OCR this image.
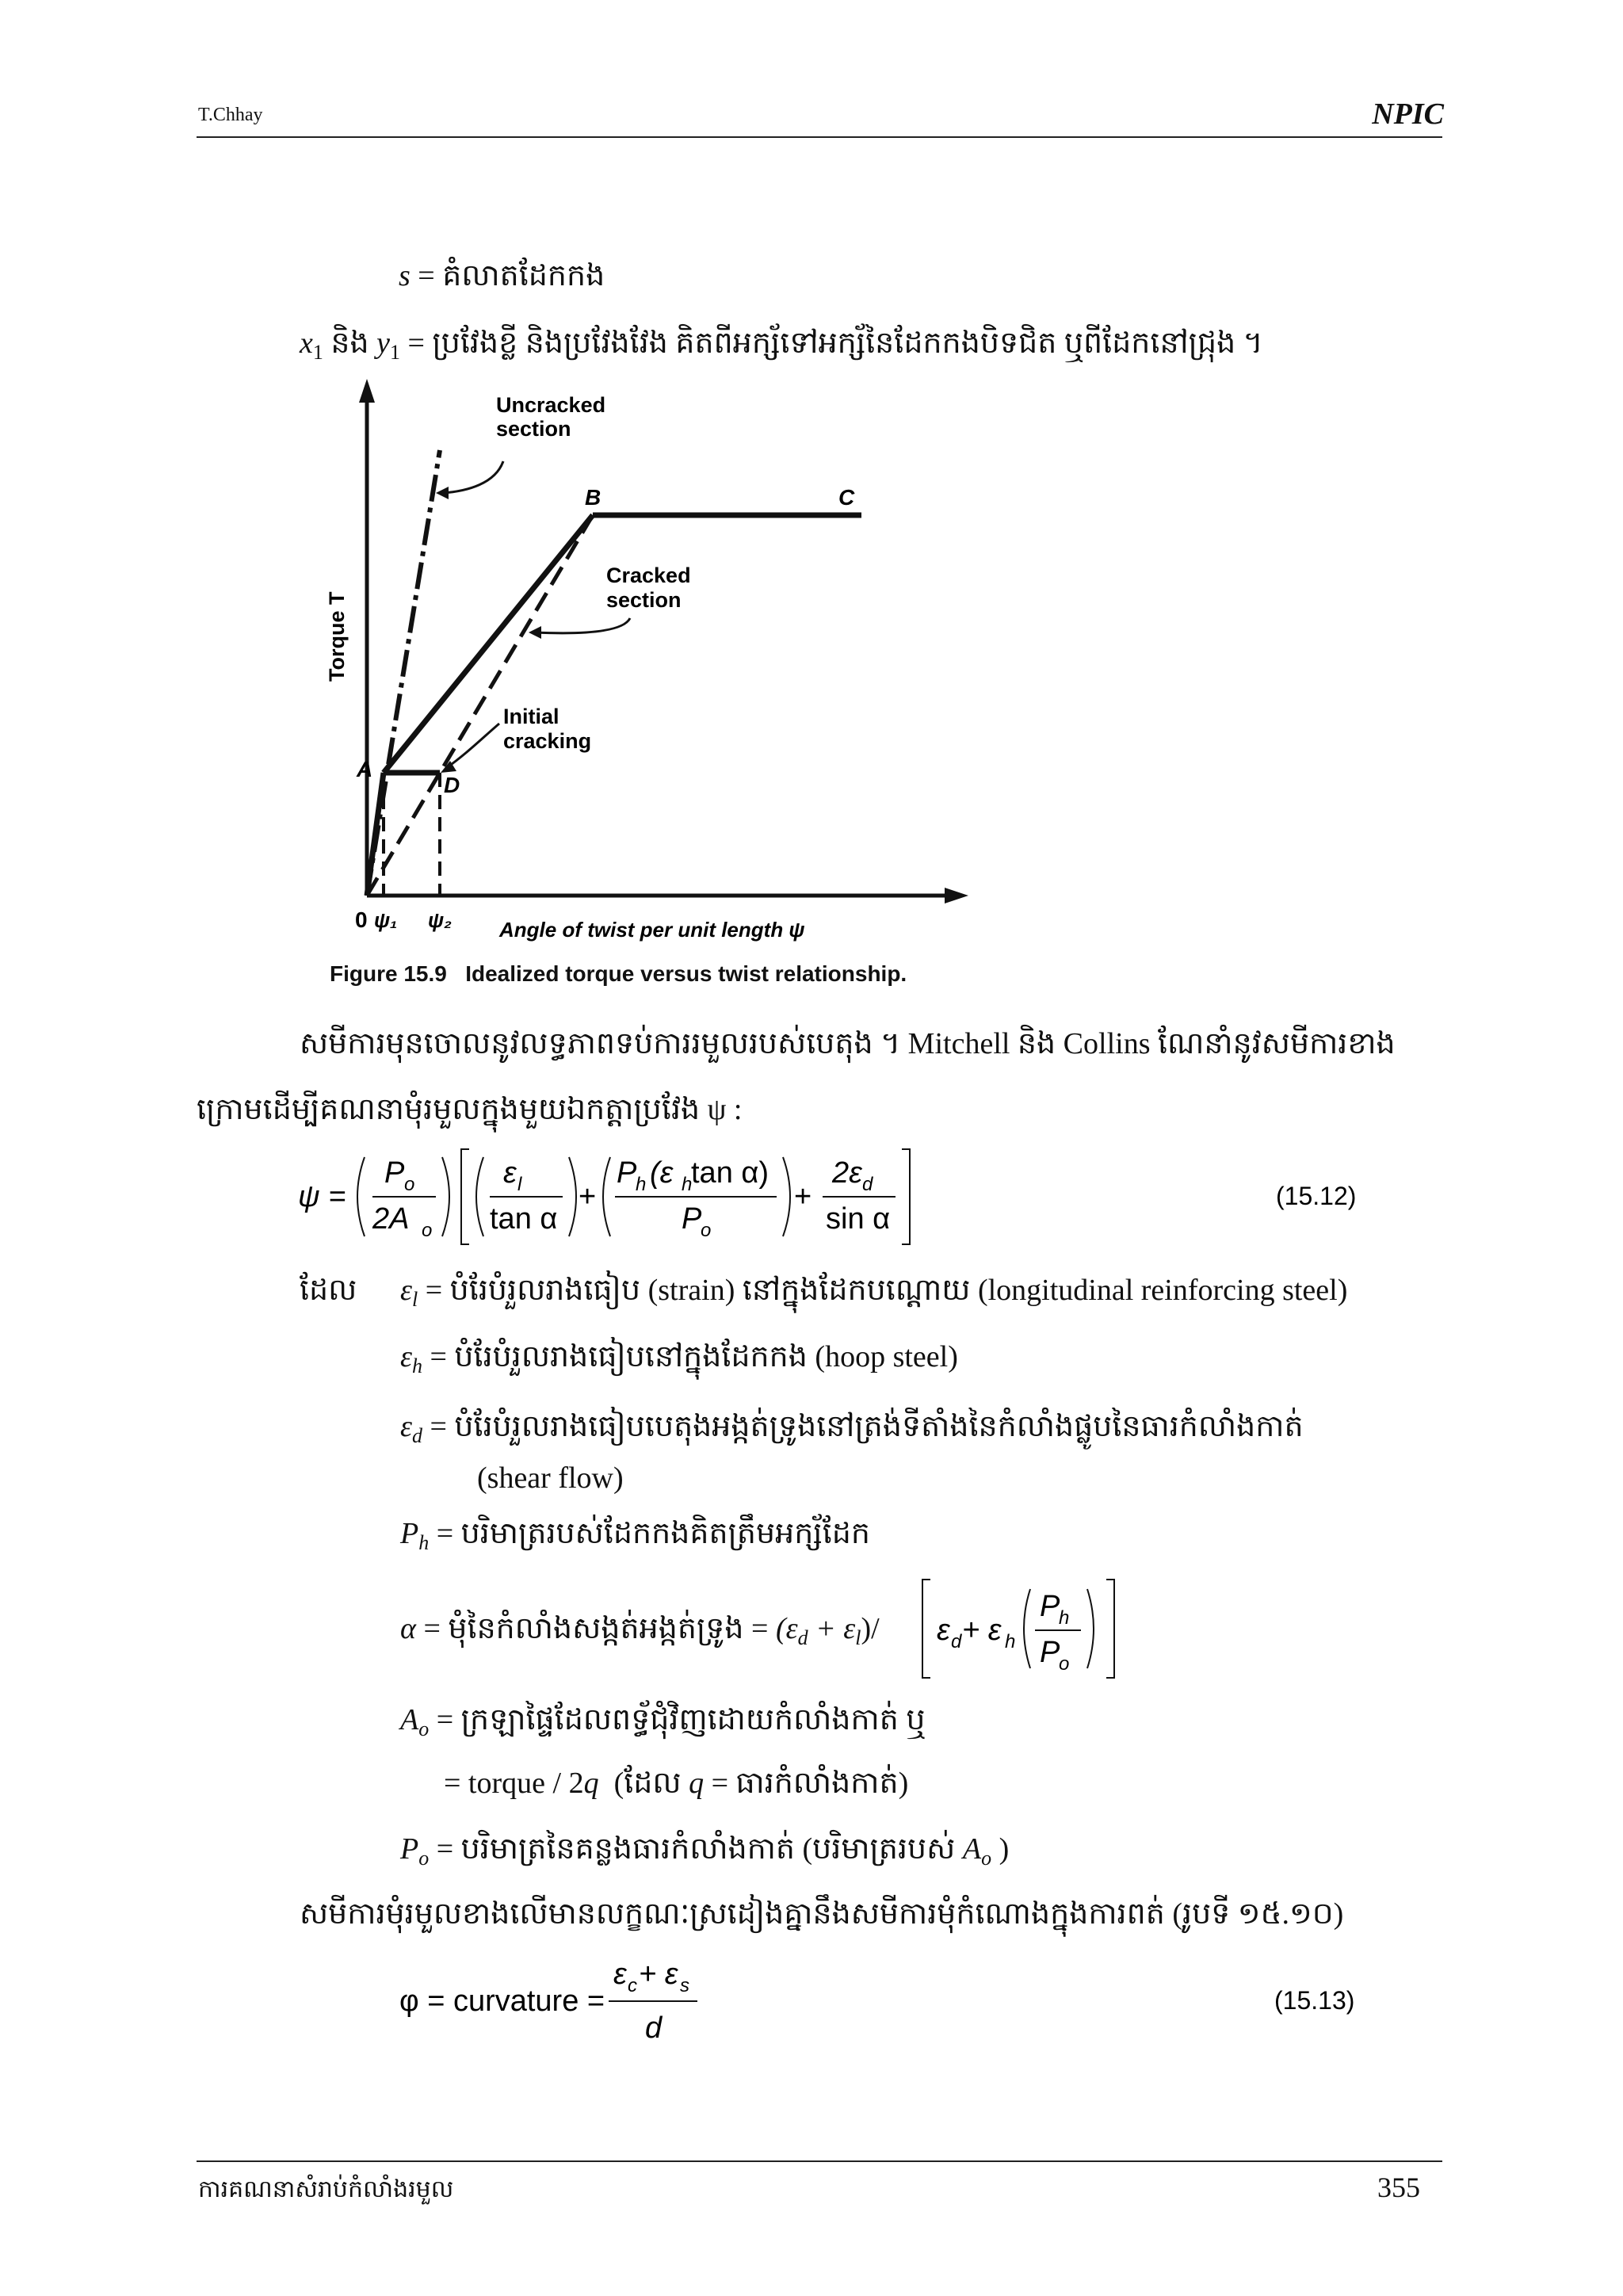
T.Chhay	NPIC
s = គំលាតដែកកង
$x_1$ និង $y_1$ = ប្រវែងខ្លី និងប្រវែងវែង គិតពីអក្ស័ទៅអក្ស័នៃដែកកងបិទជិត ឬពីដែកនៅជ្រុង ។
Uncracked
section
Cracked
section
Initial
cracking
B	C
A
D
0 ψ₁ ψ₂
Torque T
Angle of twist per unit length ψ
Figure 15.9 Idealized torque versus twist relationship.
សមីការមុនចោលនូវលទ្ធភាពទប់ការរមួលរបស់បេតុង ។ Mitchell និង Collins ណែនាំនូវសមីការខាង
ក្រោមដើម្បីគណនាមុំរមួលក្នុងមួយឯកត្តាប្រវែង ψ :
ψ =
P o
2A o
ε l
tan α
+
P
h (ε h
tan α)
P
o
+
2ε d
sin α
(15.12)
ដែល $\varepsilon_l$ = បំរែបំរួលរាងធៀប (strain) នៅក្នុងដែកបណ្តោយ (longitudinal reinforcing steel)
$\varepsilon_h$ = បំរែបំរួលរាងធៀបនៅក្នុងដែកកង (hoop steel)
$\varepsilon_d$ = បំរែបំរួលរាងធៀបបេតុងអង្កត់ទ្រូងនៅត្រង់ទីតាំងនៃកំលាំងផ្លូបនៃធារកំលាំងកាត់
(shear flow)
$P_h$ = បរិមាត្ររបស់ដែកកងគិតត្រឹមអក្ស័ដែក
α = មុំនៃកំលាំងសង្កត់អង្កត់ទ្រូង = $(\varepsilon_d + \varepsilon_l)/$ ε d + ε h
P
h
P
o
$A_o$ = ក្រឡាផ្ទៃដែលពទ្ធ័ជុំវិញដោយកំលាំងកាត់ ឬ
= torque / 2q (ដែល q = ធារកំលាំងកាត់)
$P_o$ = បរិមាត្រនៃគន្លងធារកំលាំងកាត់ (បរិមាត្ររបស់ $A_o$ )
សមីការមុំរមួលខាងលើមានលក្ខណៈស្រដៀងគ្នានឹងសមីការមុំកំណោងក្នុងការពត់ (រូបទី ១៥.១០)
φ = curvature =
ε c + ε s
d
(15.13)
ការគណនាសំរាប់កំលាំងរមួល	355
